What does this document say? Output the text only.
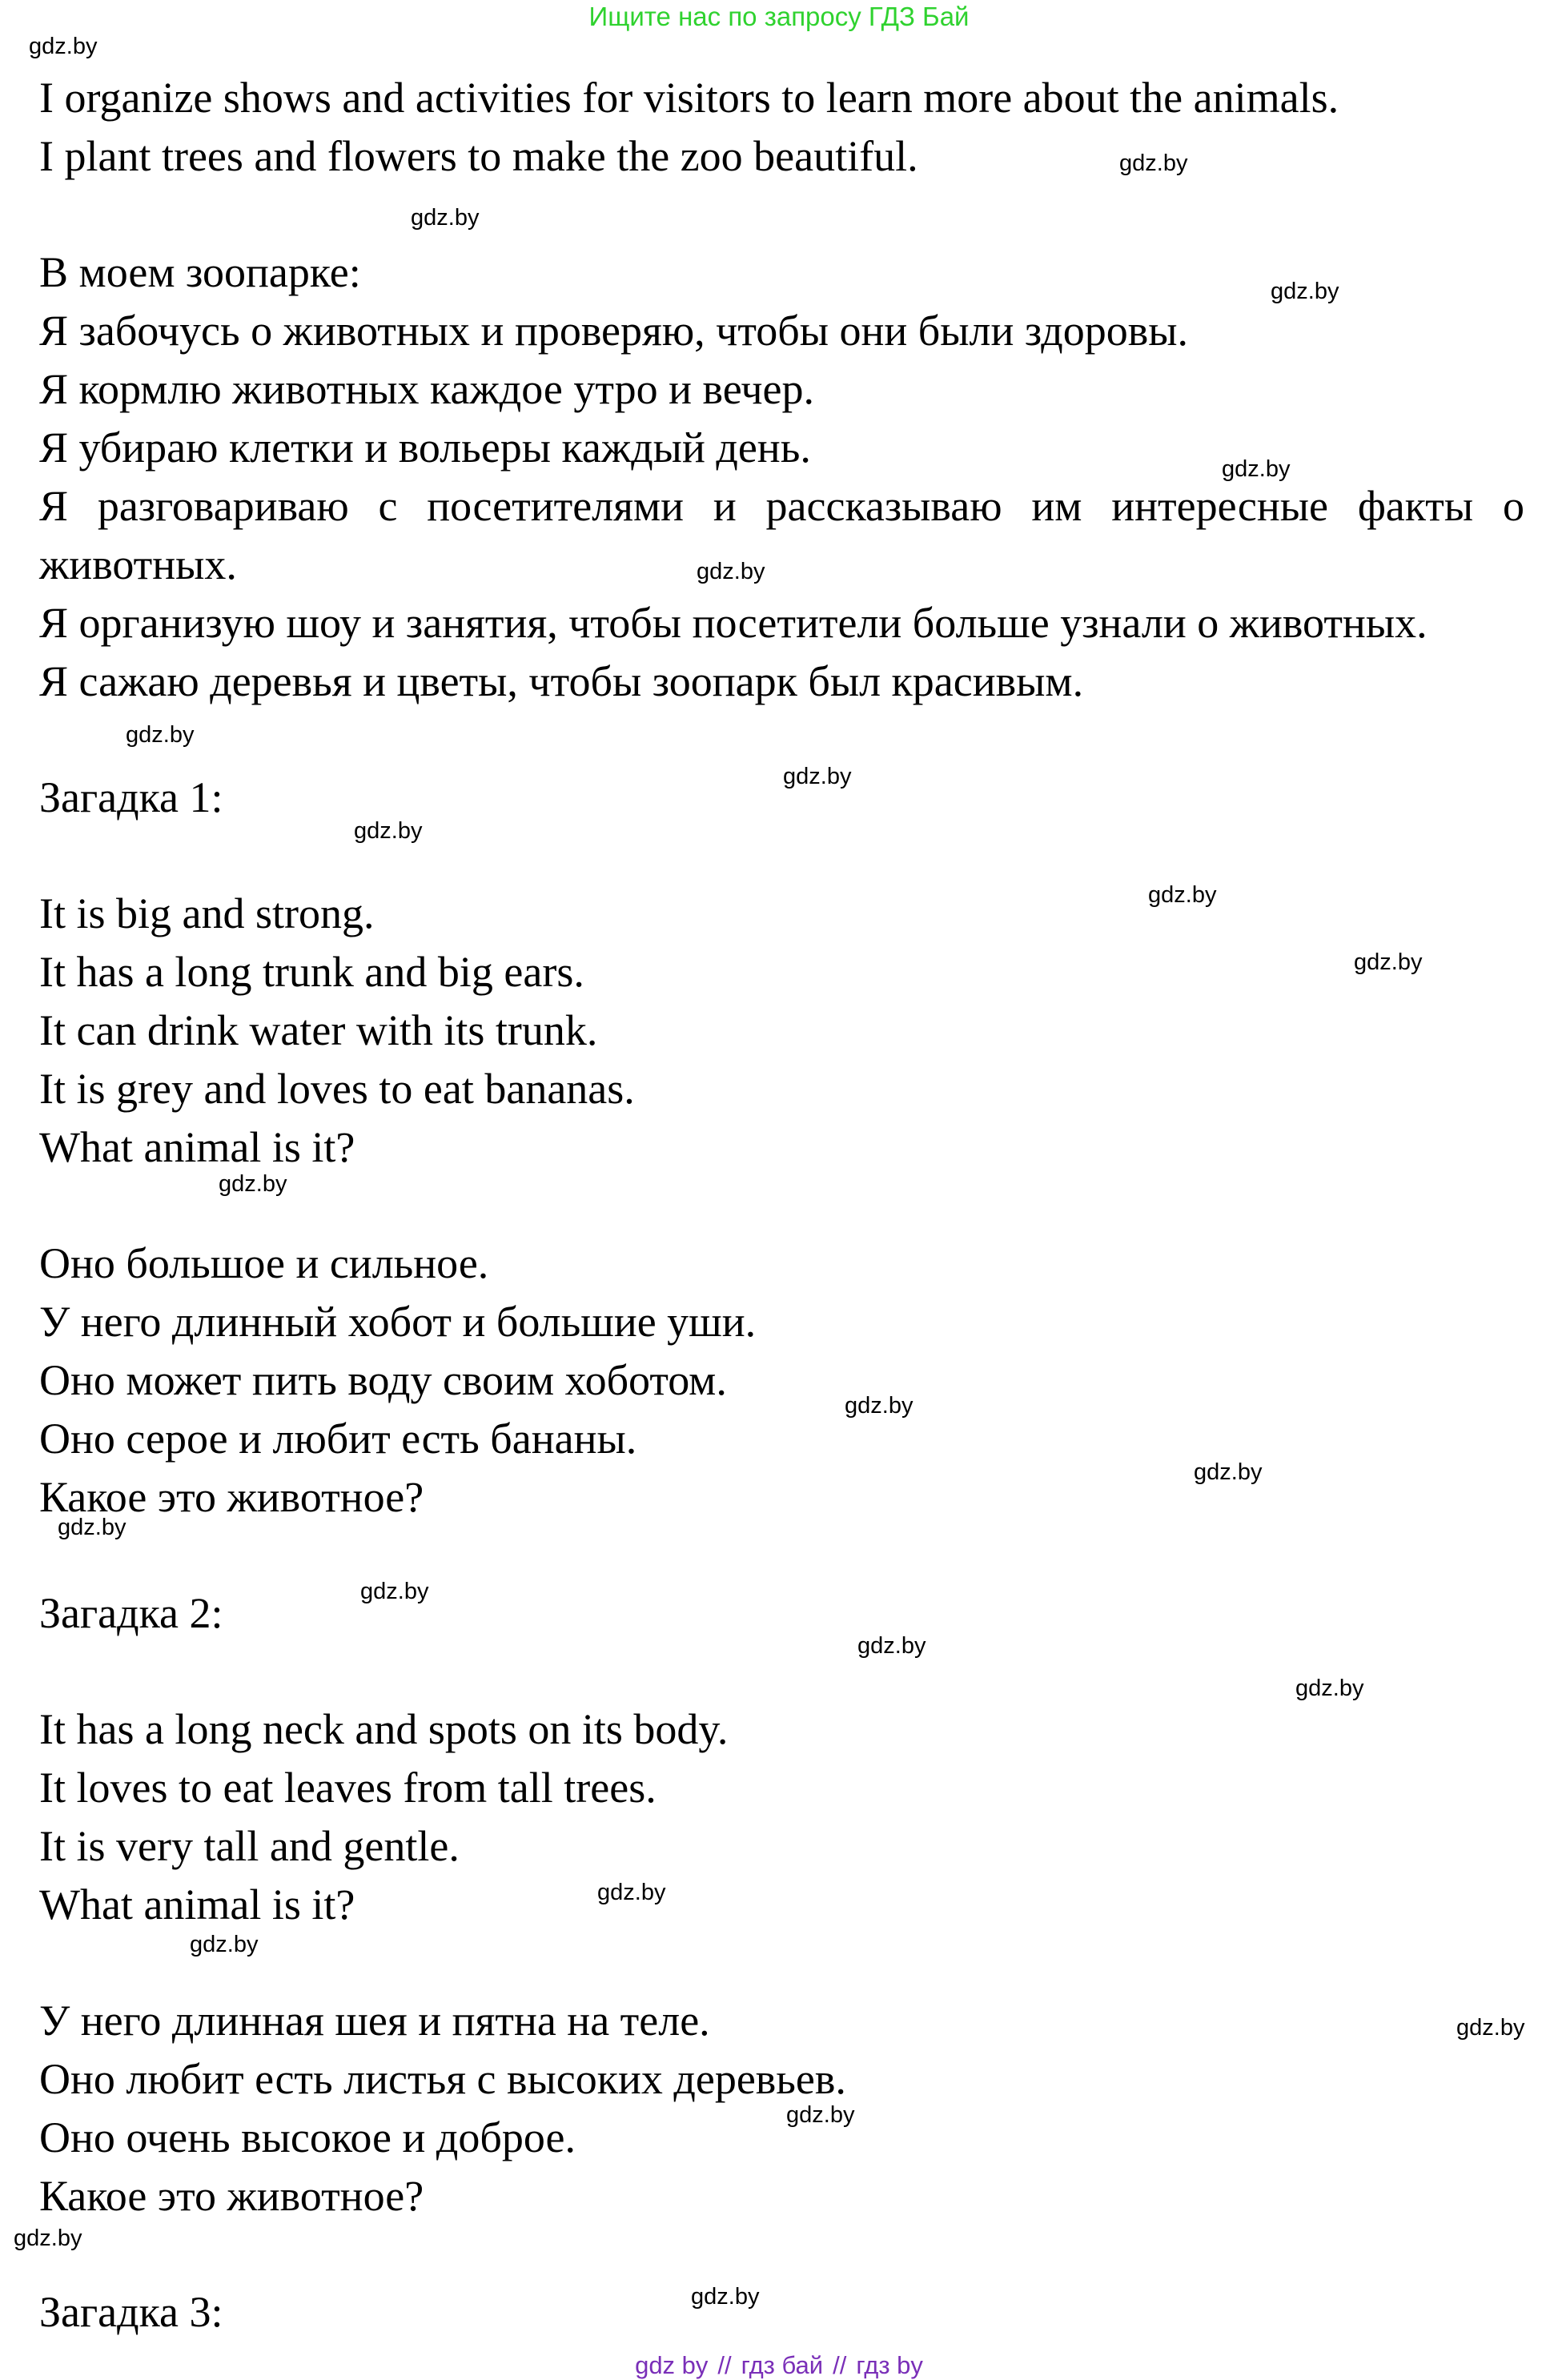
Ищите нас по запросу ГДЗ Бай
I organize shows and activities for visitors to learn more about the animals.
I plant trees and flowers to make the zoo beautiful.
В моем зоопарке:
Я забочусь о животных и проверяю, чтобы они были здоровы.
Я кормлю животных каждое утро и вечер.
Я убираю клетки и вольеры каждый день.
Я разговариваю с посетителями и рассказываю им интересные факты о животных.
Я организую шоу и занятия, чтобы посетители больше узнали о животных.
Я сажаю деревья и цветы, чтобы зоопарк был красивым.
Загадка 1:
It is big and strong.
It has a long trunk and big ears.
It can drink water with its trunk.
It is grey and loves to eat bananas.
What animal is it?
Оно большое и сильное.
У него длинный хобот и большие уши.
Оно может пить воду своим хоботом.
Оно серое и любит есть бананы.
Какое это животное?
Загадка 2:
It has a long neck and spots on its body.
It loves to eat leaves from tall trees.
It is very tall and gentle.
What animal is it?
У него длинная шея и пятна на теле.
Оно любит есть листья с высоких деревьев.
Оно очень высокое и доброе.
Какое это животное?
Загадка 3:
gdz.by
gdz.by
gdz.by
gdz.by
gdz.by
gdz.by
gdz.by
gdz.by
gdz.by
gdz.by
gdz.by
gdz.by
gdz.by
gdz.by
gdz.by
gdz.by
gdz.by
gdz.by
gdz.by
gdz.by
gdz.by
gdz.by
gdz.by
gdz.by
gdz by // гдз бай // гдз by
